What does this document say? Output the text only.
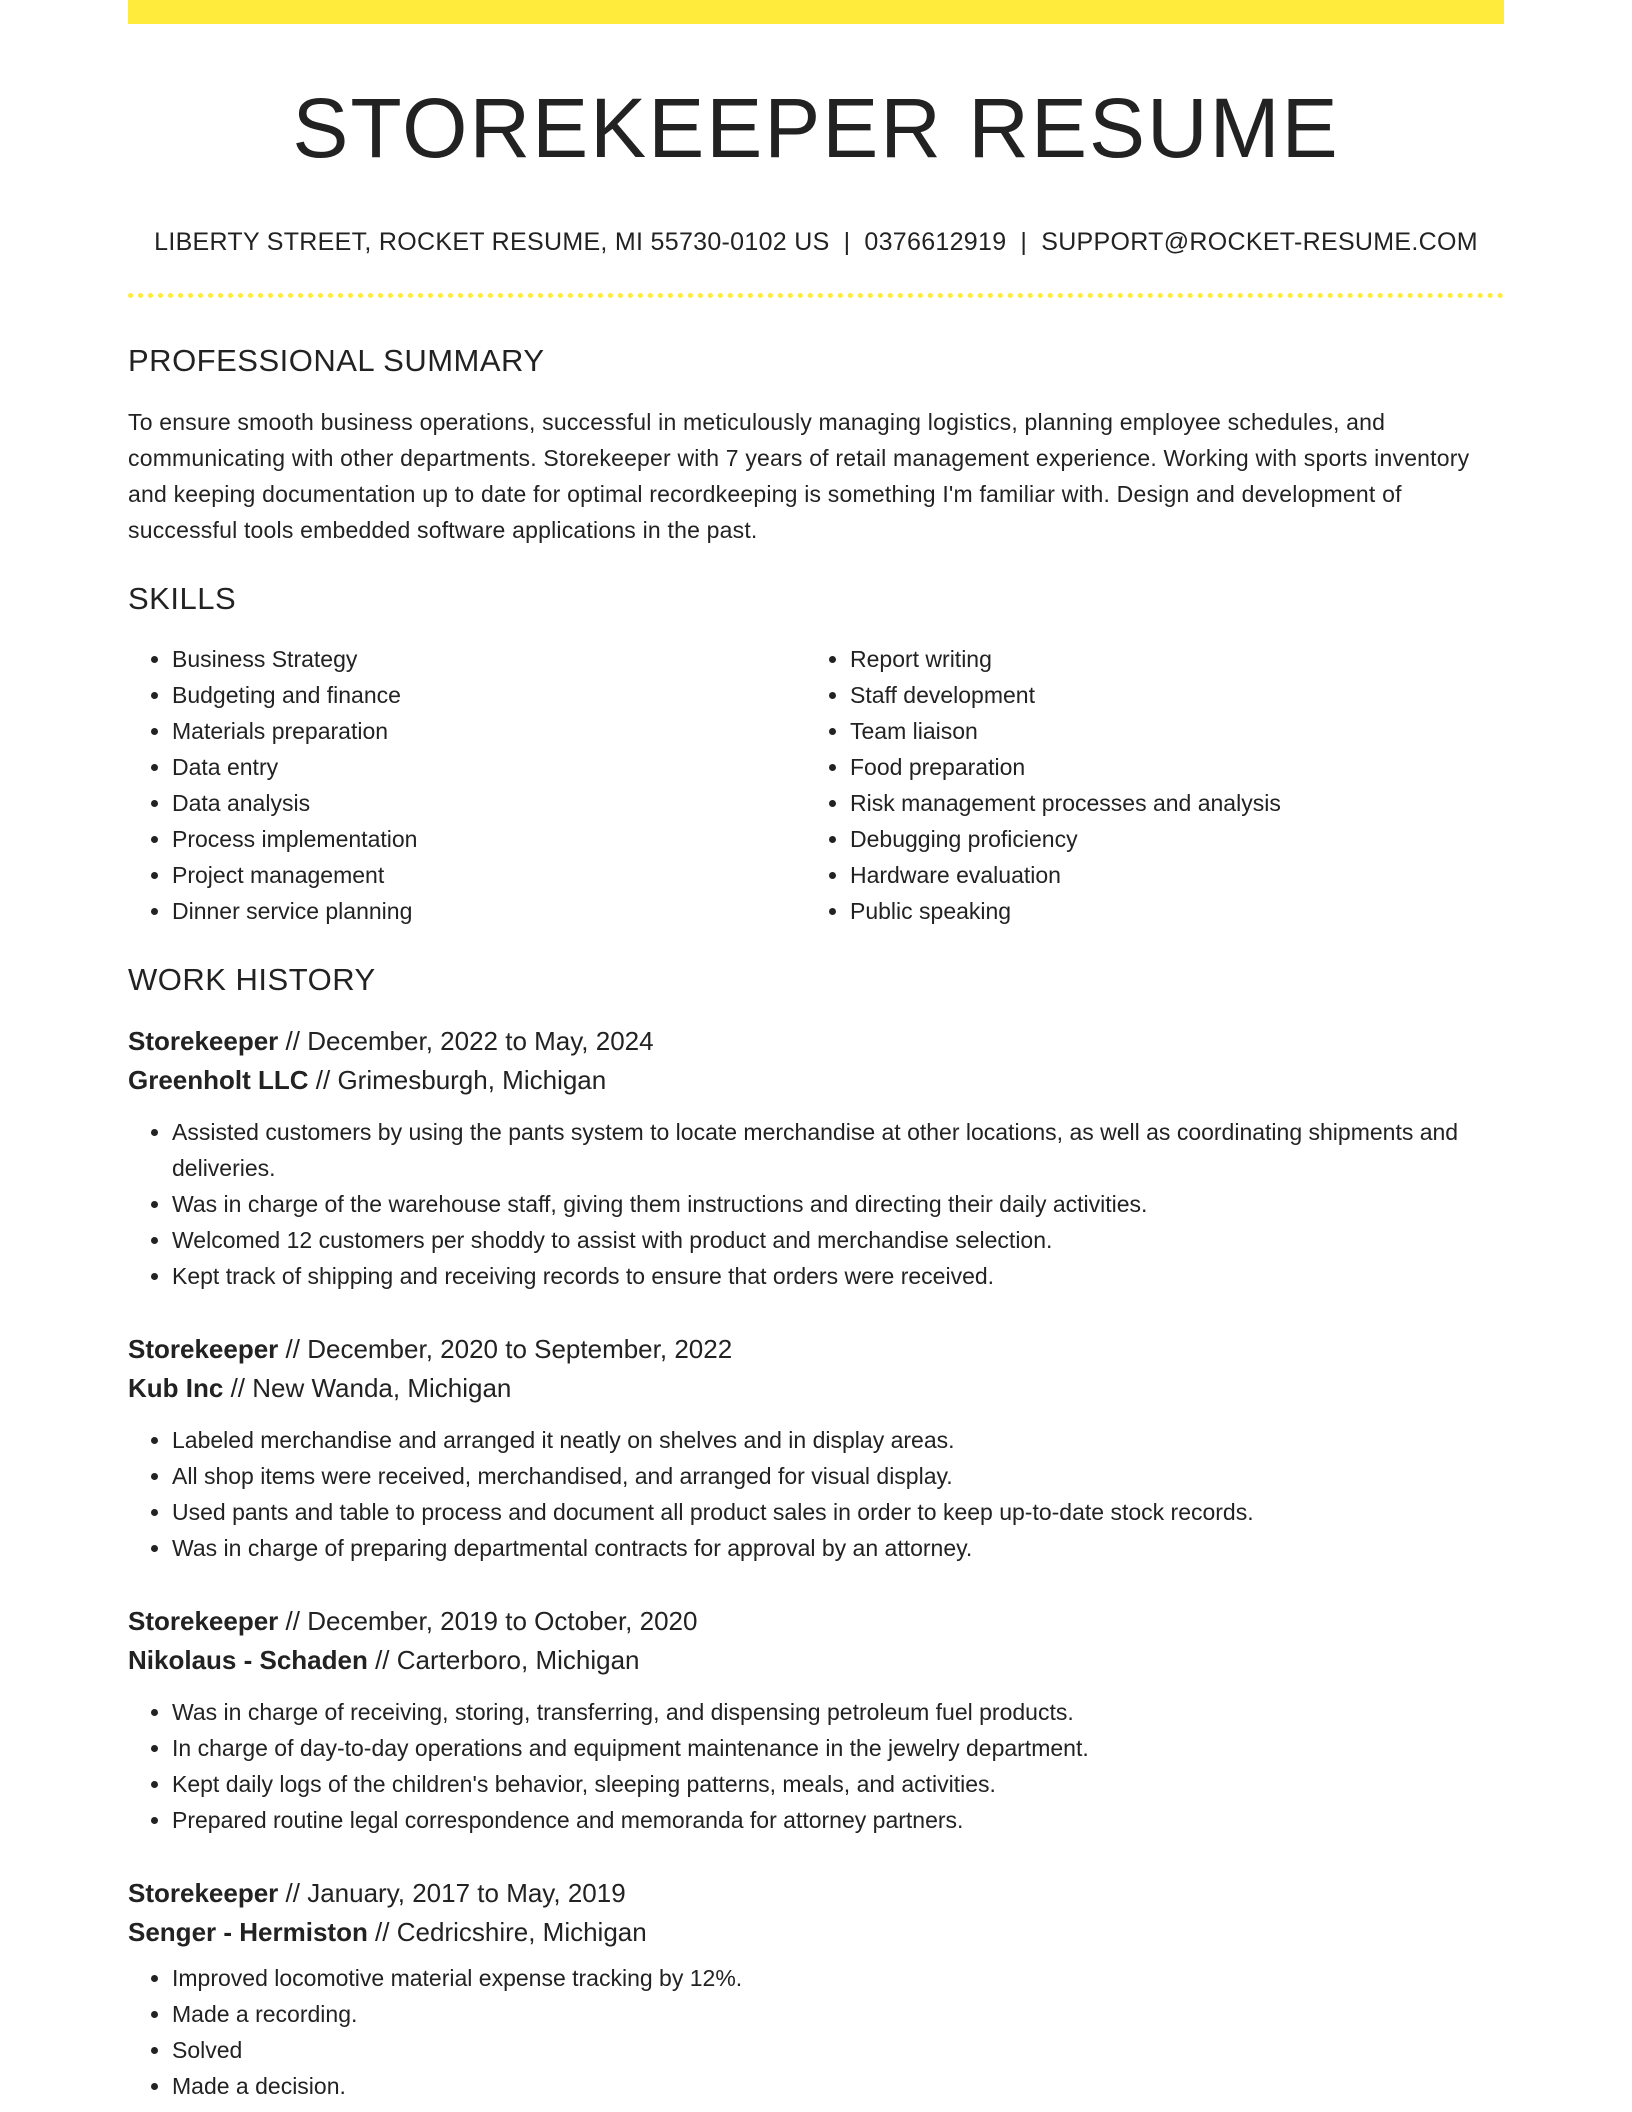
STOREKEEPER RESUME
LIBERTY STREET, ROCKET RESUME, MI 55730-0102 US | 0376612919 | SUPPORT@ROCKET-RESUME.COM
PROFESSIONAL SUMMARY

To ensure smooth business operations, successful in meticulously managing logistics, planning employee schedules, and communicating with other departments. Storekeeper with 7 years of retail management experience. Working with sports inventory and keeping documentation up to date for optimal recordkeeping is something I'm familiar with. Design and development of successful tools embedded software applications in the past.

SKILLS
• Business Strategy
• Budgeting and finance
• Materials preparation
• Data entry
• Data analysis
• Process implementation
• Project management
• Dinner service planning
• Report writing
• Staff development
• Team liaison
• Food preparation
• Risk management processes and analysis
• Debugging proficiency
• Hardware evaluation
• Public speaking
WORK HISTORY
Storekeeper // December, 2022 to May, 2024
Greenholt LLC // Grimesburgh, Michigan
• Assisted customers by using the pants system to locate merchandise at other locations, as well as coordinating shipments and deliveries.
• Was in charge of the warehouse staff, giving them instructions and directing their daily activities.
• Welcomed 12 customers per shoddy to assist with product and merchandise selection.
• Kept track of shipping and receiving records to ensure that orders were received.
Storekeeper // December, 2020 to September, 2022
Kub Inc // New Wanda, Michigan
• Labeled merchandise and arranged it neatly on shelves and in display areas.
• All shop items were received, merchandised, and arranged for visual display.
• Used pants and table to process and document all product sales in order to keep up-to-date stock records.
• Was in charge of preparing departmental contracts for approval by an attorney.
Storekeeper // December, 2019 to October, 2020
Nikolaus - Schaden // Carterboro, Michigan
• Was in charge of receiving, storing, transferring, and dispensing petroleum fuel products.
• In charge of day-to-day operations and equipment maintenance in the jewelry department.
• Kept daily logs of the children's behavior, sleeping patterns, meals, and activities.
• Prepared routine legal correspondence and memoranda for attorney partners.
Storekeeper // January, 2017 to May, 2019
Senger - Hermiston // Cedricshire, Michigan
• Improved locomotive material expense tracking by 12%.
• Made a recording.
• Solved
• Made a decision.
